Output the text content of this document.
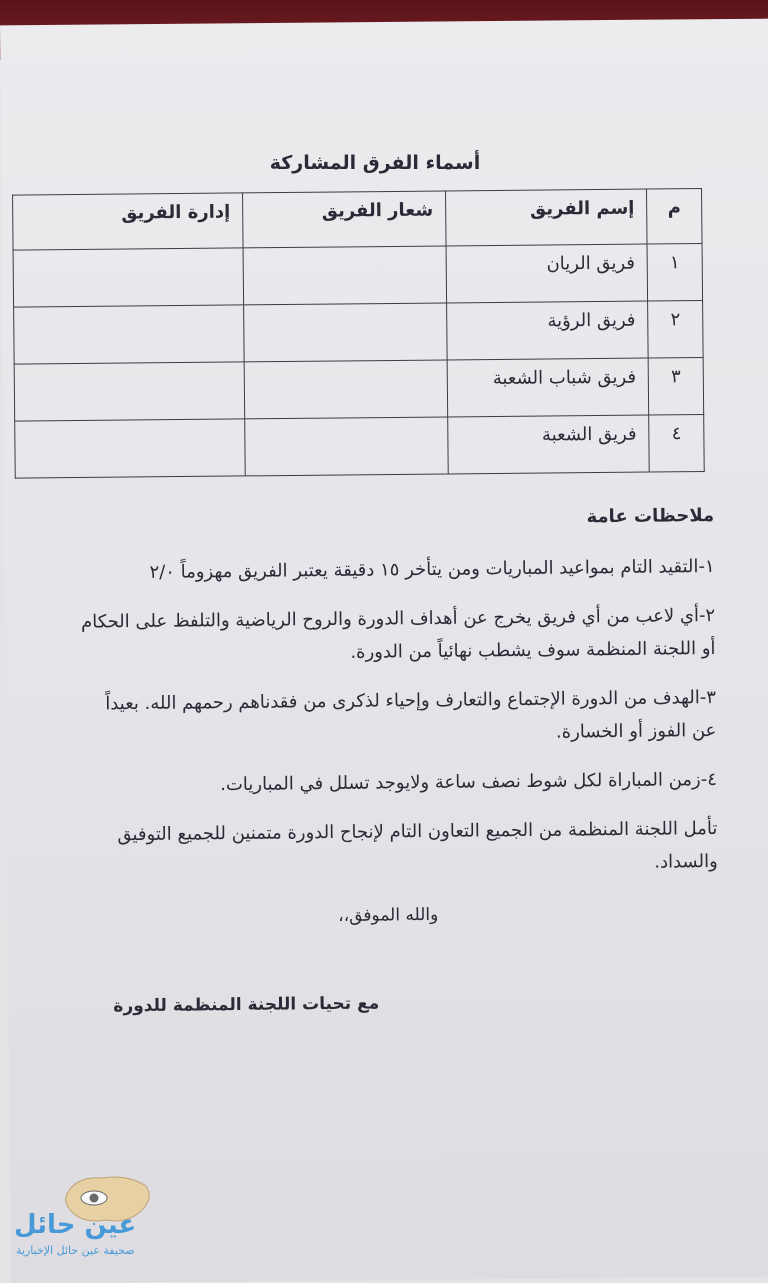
أسماء الفرق المشاركة
م	إسم الفريق	شعار الفريق	إدارة الفريق
١	فريق الريان		
٢	فريق الرؤية		
٣	فريق شباب الشعبة		
٤	فريق الشعبة		

ملاحظات عامة

١-التقيد التام بمواعيد المباريات ومن يتأخر ١٥ دقيقة يعتبر الفريق مهزوماً ٢/٠

٢-أي لاعب من أي فريق يخرج عن أهداف الدورة والروح الرياضية والتلفظ على الحكام أو اللجنة المنظمة سوف يشطب نهائياً من الدورة.

٣-الهدف من الدورة الإجتماع والتعارف وإحياء لذكرى من فقدناهم رحمهم الله. بعيداً عن الفوز أو الخسارة.

٤-زمن المباراة لكل شوط نصف ساعة ولايوجد تسلل في المباريات.

تأمل اللجنة المنظمة من الجميع التعاون التام لإنجاح الدورة متمنين للجميع التوفيق والسداد.

والله الموفق،،

مع تحيات اللجنة المنظمة للدورة

عين حائل
صحيفة عين حائل الإخبارية
